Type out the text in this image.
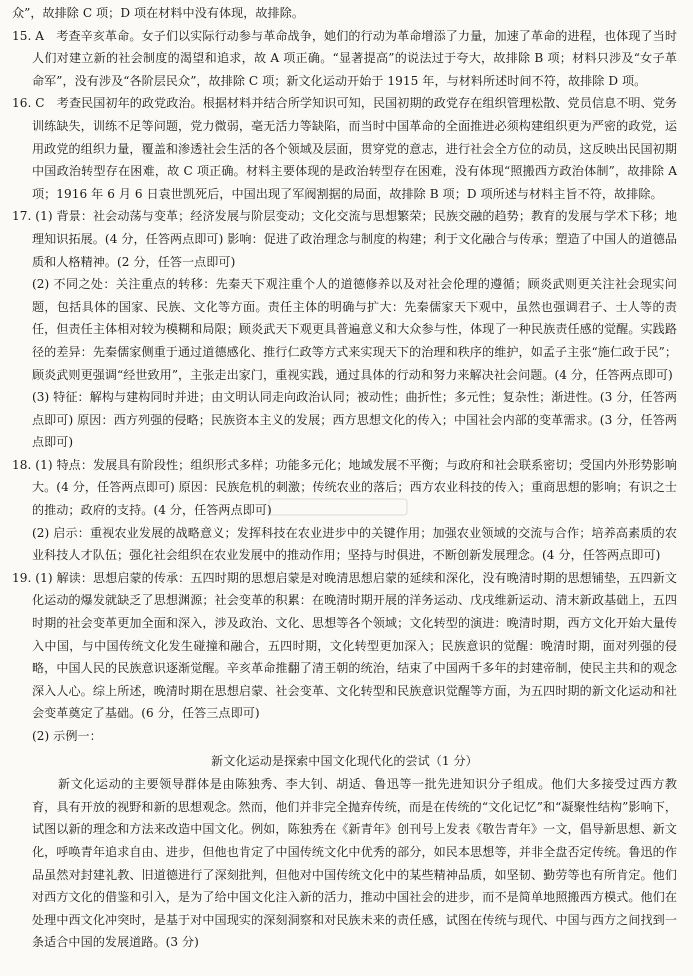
众”，故排除 C 项；D 项在材料中没有体现，故排除。

15. A　考查辛亥革命。女子们以实际行动参与革命战争，她们的行动为革命增添了力量，加速了革命的进程，也体现了当时人们对建立新的社会制度的渴望和追求，故 A 项正确。“显著提高”的说法过于夸大，故排除 B 项；材料只涉及“女子革命军”，没有涉及“各阶层民众”，故排除 C 项；新文化运动开始于 1915 年，与材料所述时间不符，故排除 D 项。

16. C　考查民国初年的政党政治。根据材料并结合所学知识可知，民国初期的政党存在组织管理松散、党员信息不明、党务训练缺失，训练不足等问题，党力微弱，毫无活力等缺陷，而当时中国革命的全面推进必须构建组织更为严密的政党，运用政党的组织力量，覆盖和渗透社会生活的各个领域及层面，贯穿党的意志，进行社会全方位的动员，这反映出民国初期中国政治转型存在困难，故 C 项正确。材料主要体现的是政治转型存在困难，没有体现“照搬西方政治体制”，故排除 A 项；1916 年 6 月 6 日袁世凯死后，中国出现了军阀割据的局面，故排除 B 项；D 项所述与材料主旨不符，故排除。

17. (1) 背景：社会动荡与变革；经济发展与阶层变动；文化交流与思想繁荣；民族交融的趋势；教育的发展与学术下移；地理知识拓展。(4 分，任答两点即可) 影响：促进了政治理念与制度的构建；利于文化融合与传承；塑造了中国人的道德品质和人格精神。(2 分，任答一点即可)

(2) 不同之处：关注重点的转移：先秦天下观注重个人的道德修养以及对社会伦理的遵循；顾炎武则更关注社会现实问题，包括具体的国家、民族、文化等方面。责任主体的明确与扩大：先秦儒家天下观中，虽然也强调君子、士人等的责任，但责任主体相对较为模糊和局限；顾炎武天下观更具普遍意义和大众参与性，体现了一种民族责任感的觉醒。实践路径的差异：先秦儒家侧重于通过道德感化、推行仁政等方式来实现天下的治理和秩序的维护，如孟子主张“施仁政于民”；顾炎武则更强调“经世致用”，主张走出家门，重视实践，通过具体的行动和努力来解决社会问题。(4 分，任答两点即可)

(3) 特征：解构与建构同时并进；由文明认同走向政治认同；被动性；曲折性；多元性；复杂性；渐进性。(3 分，任答两点即可) 原因：西方列强的侵略；民族资本主义的发展；西方思想文化的传入；中国社会内部的变革需求。(3 分，任答两点即可)

18. (1) 特点：发展具有阶段性；组织形式多样；功能多元化；地域发展不平衡；与政府和社会联系密切；受国内外形势影响大。(4 分，任答两点即可) 原因：民族危机的刺激；传统农业的落后；西方农业科技的传入；重商思想的影响；有识之士的推动；政府的支持。(4 分，任答两点即可)

(2) 启示：重视农业发展的战略意义；发挥科技在农业进步中的关键作用；加强农业领域的交流与合作；培养高素质的农业科技人才队伍；强化社会组织在农业发展中的推动作用；坚持与时俱进，不断创新发展理念。(4 分，任答两点即可)

19. (1) 解读：思想启蒙的传承：五四时期的思想启蒙是对晚清思想启蒙的延续和深化，没有晚清时期的思想铺垫，五四新文化运动的爆发就缺乏了思想渊源；社会变革的积累：在晚清时期开展的洋务运动、戊戌维新运动、清末新政基础上，五四时期的社会变革更加全面和深入，涉及政治、文化、思想等各个领域；文化转型的演进：晚清时期，西方文化开始大量传入中国，与中国传统文化发生碰撞和融合，五四时期，文化转型更加深入；民族意识的觉醒：晚清时期，面对列强的侵略，中国人民的民族意识逐渐觉醒。辛亥革命推翻了清王朝的统治，结束了中国两千多年的封建帝制，使民主共和的观念深入人心。综上所述，晚清时期在思想启蒙、社会变革、文化转型和民族意识觉醒等方面，为五四时期的新文化运动和社会变革奠定了基础。(6 分，任答三点即可)

(2) 示例一：

新文化运动是探索中国文化现代化的尝试（1 分）

新文化运动的主要领导群体是由陈独秀、李大钊、胡适、鲁迅等一批先进知识分子组成。他们大多接受过西方教育，具有开放的视野和新的思想观念。然而，他们并非完全抛弃传统，而是在传统的“文化记忆”和“凝聚性结构”影响下，试图以新的理念和方法来改造中国文化。例如，陈独秀在《新青年》创刊号上发表《敬告青年》一文，倡导新思想、新文化，呼唤青年追求自由、进步，但他也肯定了中国传统文化中优秀的部分，如民本思想等，并非全盘否定传统。鲁迅的作品虽然对封建礼教、旧道德进行了深刻批判，但他对中国传统文化中的某些精神品质，如坚韧、勤劳等也有所肯定。他们对西方文化的借鉴和引入，是为了给中国文化注入新的活力，推动中国社会的进步，而不是简单地照搬西方模式。他们在处理中西文化冲突时，是基于对中国现实的深刻洞察和对民族未来的责任感，试图在传统与现代、中国与西方之间找到一条适合中国的发展道路。(3 分)
